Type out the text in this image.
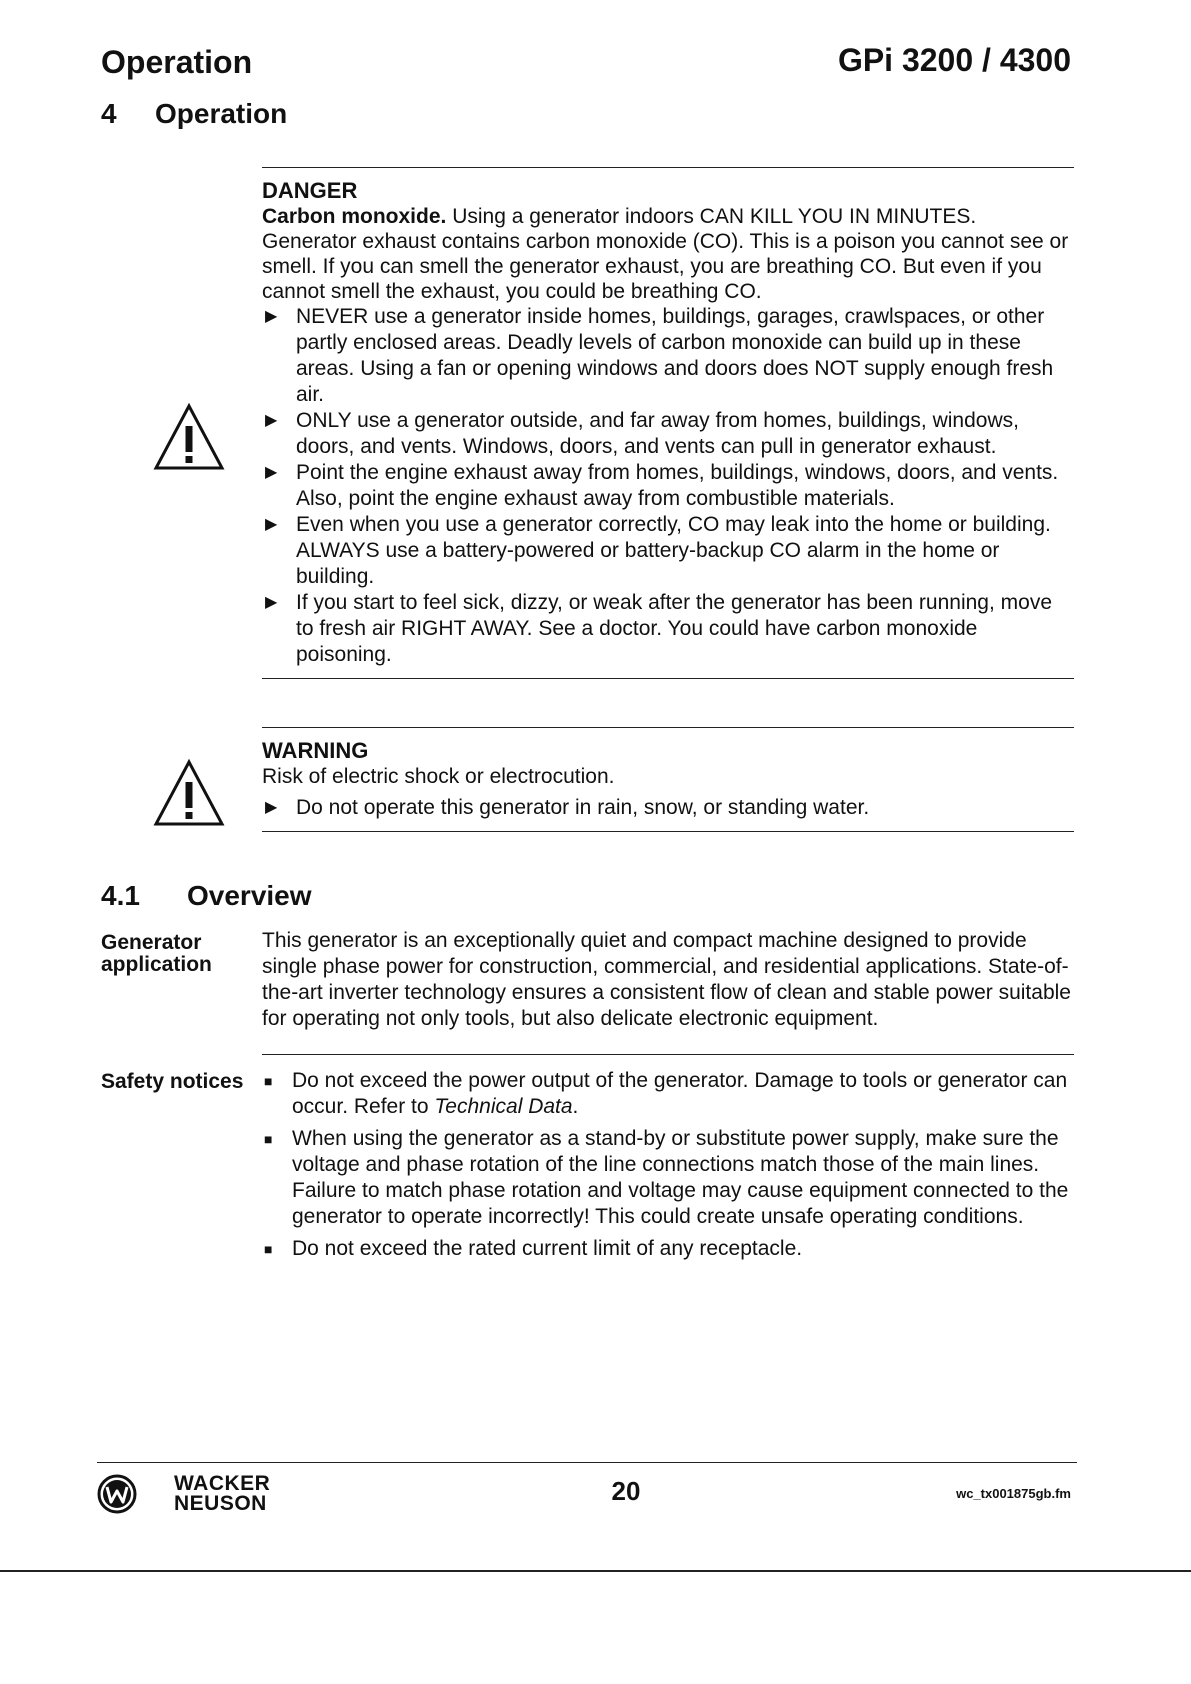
Operation	GPi 3200 / 4300
4	Operation
DANGER
Carbon monoxide. Using a generator indoors CAN KILL YOU IN MINUTES. Generator exhaust contains carbon monoxide (CO). This is a poison you cannot see or smell. If you can smell the generator exhaust, you are breathing CO. But even if you cannot smell the exhaust, you could be breathing CO.
▶ NEVER use a generator inside homes, buildings, garages, crawlspaces, or other partly enclosed areas. Deadly levels of carbon monoxide can build up in these areas. Using a fan or opening windows and doors does NOT supply enough fresh air.
▶ ONLY use a generator outside, and far away from homes, buildings, windows, doors, and vents. Windows, doors, and vents can pull in generator exhaust.
▶ Point the engine exhaust away from homes, buildings, windows, doors, and vents. Also, point the engine exhaust away from combustible materials.
▶ Even when you use a generator correctly, CO may leak into the home or building. ALWAYS use a battery-powered or battery-backup CO alarm in the home or building.
▶ If you start to feel sick, dizzy, or weak after the generator has been running, move to fresh air RIGHT AWAY. See a doctor. You could have carbon monoxide poisoning.
WARNING
Risk of electric shock or electrocution.
▶ Do not operate this generator in rain, snow, or standing water.
4.1	Overview
Generator application
This generator is an exceptionally quiet and compact machine designed to provide single phase power for construction, commercial, and residential applications. State-of-the-art inverter technology ensures a consistent flow of clean and stable power suitable for operating not only tools, but also delicate electronic equipment.
Safety notices ■ Do not exceed the power output of the generator. Damage to tools or generator can occur. Refer to Technical Data.
■ When using the generator as a stand-by or substitute power supply, make sure the voltage and phase rotation of the line connections match those of the main lines. Failure to match phase rotation and voltage may cause equipment connected to the generator to operate incorrectly! This could create unsafe operating conditions.
■ Do not exceed the rated current limit of any receptacle.
WACKER
NEUSON	20	wc_tx001875gb.fm
